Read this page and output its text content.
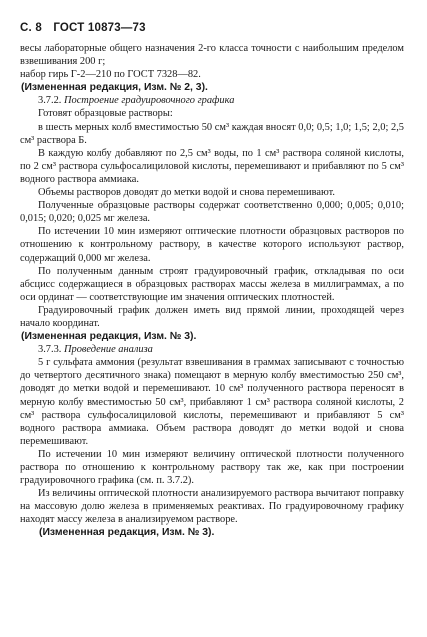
С. 8 ГОСТ 10873—73

весы лабораторные общего назначения 2-го класса точности с наибольшим пределом взвешивания 200 г;

набор гирь Г-2—210 по ГОСТ 7328—82.

(Измененная редакция, Изм. № 2, 3).
3.7.2. Построение градуировочного графика

Готовят образцовые растворы:

в шесть мерных колб вместимостью 50 см³ каждая вносят 0,0; 0,5; 1,0; 1,5; 2,0; 2,5 см³ раствора Б.

В каждую колбу добавляют по 2,5 см³ воды, по 1 см³ раствора соляной кислоты, по 2 см³ раствора сульфосалициловой кислоты, перемешивают и прибавляют по 5 см³ водного раствора аммиака.

Объемы растворов доводят до метки водой и снова перемешивают.

Полученные образцовые растворы содержат соответственно 0,000; 0,005; 0,010; 0,015; 0,020; 0,025 мг железа.

По истечении 10 мин измеряют оптические плотности образцовых растворов по отношению к контрольному раствору, в качестве которого используют раствор, содержащий 0,000 мг железа.

По полученным данным строят градуировочный график, откладывая по оси абсцисс содержащиеся в образцовых растворах массы железа в миллиграммах, а по оси ординат — соответствующие им значения оптических плотностей.

Градуировочный график должен иметь вид прямой линии, проходящей через начало координат.

(Измененная редакция, Изм. № 3).
3.7.3. Проведение анализа

5 г сульфата аммония (результат взвешивания в граммах записывают с точностью до четвертого десятичного знака) помещают в мерную колбу вместимостью 250 см³, доводят до метки водой и перемешивают. 10 см³ полученного раствора переносят в мерную колбу вместимостью 50 см³, прибавляют 1 см³ раствора соляной кислоты, 2 см³ раствора сульфосалициловой кислоты, перемешивают и прибавляют 5 см³ водного раствора аммиака. Объем раствора доводят до метки водой и снова перемешивают.

По истечении 10 мин измеряют величину оптической плотности полученного раствора по отношению к контрольному раствору так же, как при построении градуировочного графика (см. п. 3.7.2).

Из величины оптической плотности анализируемого раствора вычитают поправку на массовую долю железа в применяемых реактивах. По градуировочному графику находят массу железа в анализируемом растворе.

(Измененная редакция, Изм. № 3).
